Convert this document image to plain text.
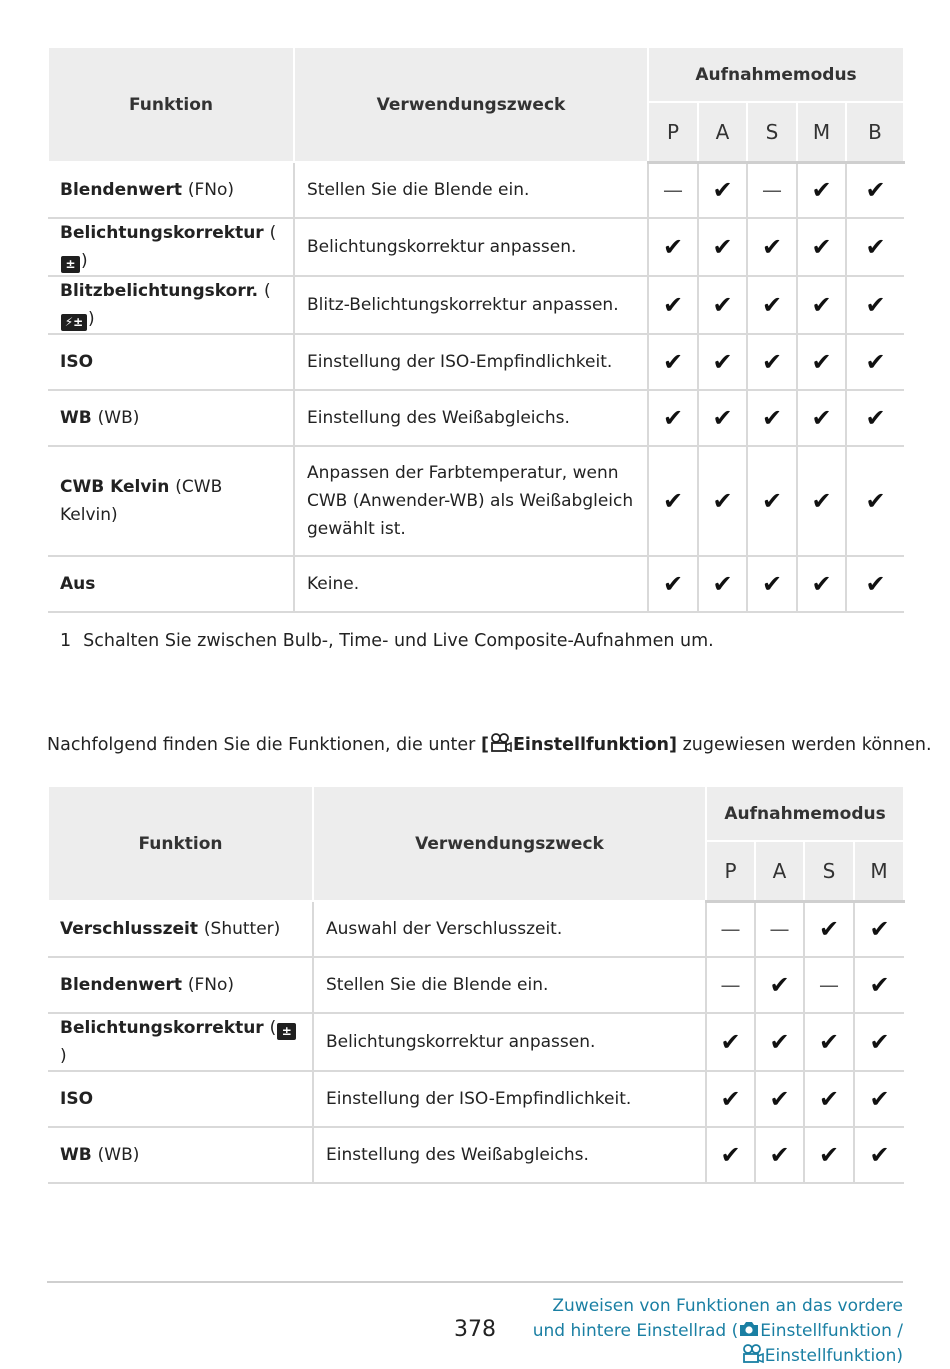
Funktion	Verwendungszweck	Aufnahmemodus				
		P	A	S	M	B
Blendenwert (FNo)	Stellen Sie die Blende ein.	—	✔	—	✔	✔
Belichtungskorrektur (± )	Belichtungskorrektur anpassen.	✔	✔	✔	✔	✔
Blitzbelichtungskorr. (⚡± )	Blitz-Belichtungskorrektur anpassen.	✔	✔	✔	✔	✔
ISO	Einstellung der ISO-Empfindlichkeit.	✔	✔	✔	✔	✔
WB (WB)	Einstellung des Weißabgleichs.	✔	✔	✔	✔	✔
CWB Kelvin (CWB Kelvin)	Anpassen der Farbtemperatur, wenn
CWB (Anwender-WB) als Weißabgleich
gewählt ist.	✔	✔	✔	✔	✔
Aus	Keine.	✔	✔	✔	✔	✔
1 Schalten Sie zwischen Bulb-, Time- und Live Composite-Aufnahmen um.
Nachfolgend finden Sie die Funktionen, die unter [ Einstellfunktion] zugewiesen werden können.
Funktion	Verwendungszweck	Aufnahmemodus			
		P	A	S	M
Verschlusszeit (Shutter)	Auswahl der Verschlusszeit.	—	—	✔	✔
Blendenwert (FNo)	Stellen Sie die Blende ein.	—	✔	—	✔
Belichtungskorrektur ( ±)	Belichtungskorrektur anpassen.	✔	✔	✔	✔
ISO	Einstellung der ISO-Empfindlichkeit.	✔	✔	✔	✔
WB (WB)	Einstellung des Weißabgleichs.	✔	✔	✔	✔
378
Zuweisen von Funktionen an das vordere
und hintere Einstellrad ( Einstellfunktion /
Einstellfunktion)
